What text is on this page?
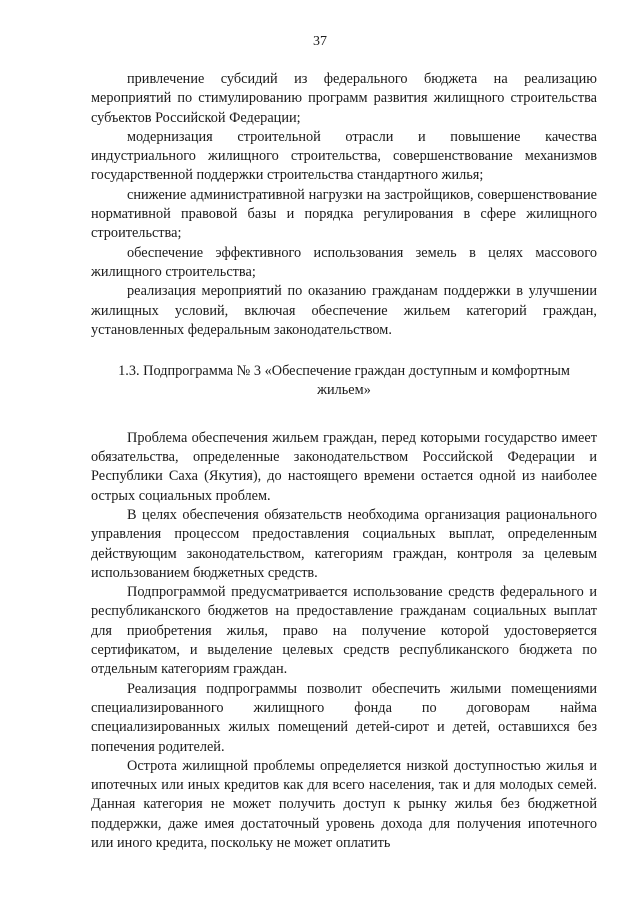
37

привлечение субсидий из федерального бюджета на реализацию мероприятий по стимулированию программ развития жилищного строительства субъектов Российской Федерации;

модернизация строительной отрасли и повышение качества индустриального жилищного строительства, совершенствование механизмов государственной поддержки строительства стандартного жилья;

снижение административной нагрузки на застройщиков, совершенствование нормативной правовой базы и порядка регулирования в сфере жилищного строительства;

обеспечение эффективного использования земель в целях массового жилищного строительства;

реализация мероприятий по оказанию гражданам поддержки в улучшении жилищных условий, включая обеспечение жильем категорий граждан, установленных федеральным законодательством.

1.3. Подпрограмма № 3 «Обеспечение граждан доступным и комфортным жильем»

Проблема обеспечения жильем граждан, перед которыми государство имеет обязательства, определенные законодательством Российской Федерации и Республики Саха (Якутия), до настоящего времени остается одной из наиболее острых социальных проблем.

В целях обеспечения обязательств необходима организация рационального управления процессом предоставления социальных выплат, определенным действующим законодательством, категориям граждан, контроля за целевым использованием бюджетных средств.

Подпрограммой предусматривается использование средств федерального и республиканского бюджетов на предоставление гражданам социальных выплат для приобретения жилья, право на получение которой удостоверяется сертификатом, и выделение целевых средств республиканского бюджета по отдельным категориям граждан.

Реализация подпрограммы позволит обеспечить жилыми помещениями специализированного жилищного фонда по договорам найма специализированных жилых помещений детей-сирот и детей, оставшихся без попечения родителей.

Острота жилищной проблемы определяется низкой доступностью жилья и ипотечных или иных кредитов как для всего населения, так и для молодых семей. Данная категория не может получить доступ к рынку жилья без бюджетной поддержки, даже имея достаточный уровень дохода для получения ипотечного или иного кредита, поскольку не может оплатить
